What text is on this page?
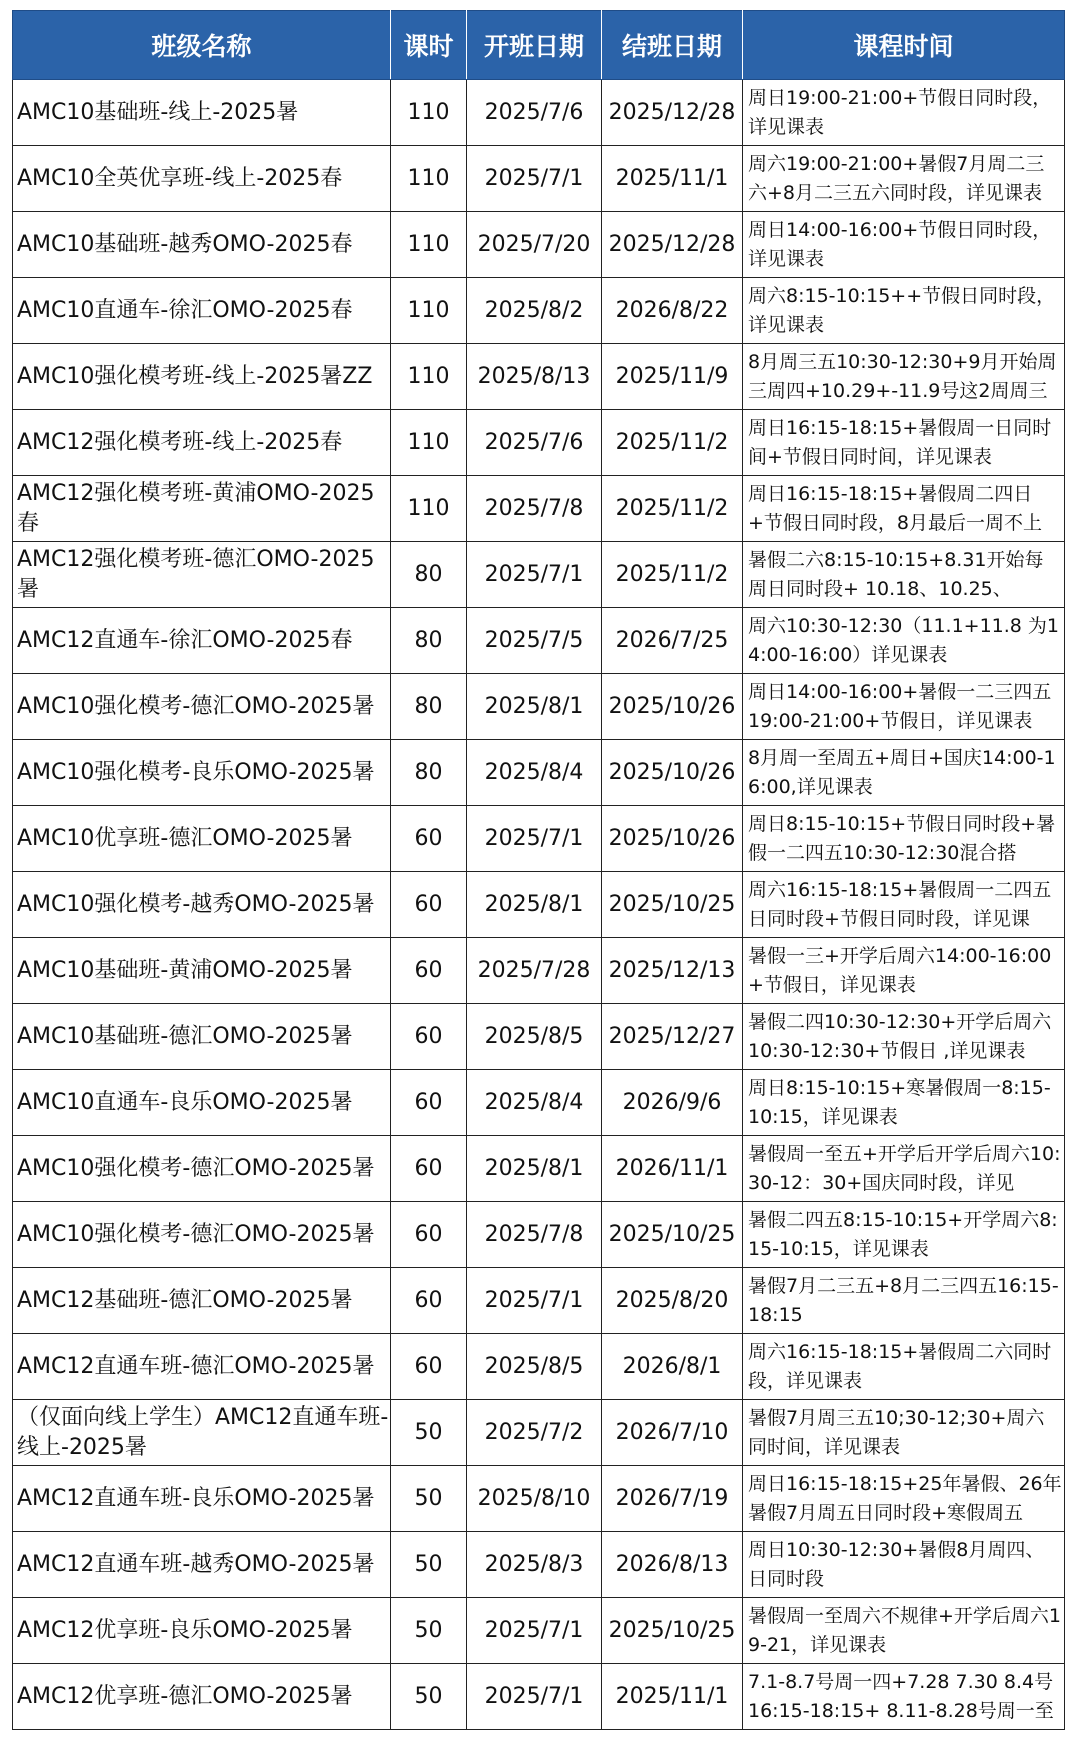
班级名称	课时	开班日期	结班日期	课程时间

AMC10基础班-线上-2025暑	110	2025/7/6	2025/12/28	周日19:00-21:00+节假日同时段，详见课表

AMC10全英优享班-线上-2025春	110	2025/7/1	2025/11/1	周六19:00-21:00+暑假7月周二三六+8月二三五六同时段，详见课表

AMC10基础班-越秀OMO-2025春	110	2025/7/20	2025/12/28	周日14:00-16:00+节假日同时段，详见课表

AMC10直通车-徐汇OMO-2025春	110	2025/8/2	2026/8/22	周六8:15-10:15++节假日同时段，详见课表

AMC10强化模考班-线上-2025暑ZZ	110	2025/8/13	2025/11/9	8月周三五10:30-12:30+9月开始周三周四+10.29+-11.9号这2周周三

AMC12强化模考班-线上-2025春	110	2025/7/6	2025/11/2	周日16:15-18:15+暑假周一日同时间+节假日同时间，详见课表

AMC12强化模考班-黄浦OMO-2025春	110	2025/7/8	2025/11/2	周日16:15-18:15+暑假周二四日+节假日同时段，8月最后一周不上

AMC12强化模考班-德汇OMO-2025暑	80	2025/7/1	2025/11/2	暑假二六8:15-10:15+8.31开始每周日同时段+ 10.18、10.25、

AMC12直通车-徐汇OMO-2025春	80	2025/7/5	2026/7/25	周六10:30-12:30（11.1+11.8 为14:00-16:00）详见课表

AMC10强化模考-德汇OMO-2025暑	80	2025/8/1	2025/10/26	周日14:00-16:00+暑假一二三四五19:00-21:00+节假日，详见课表

AMC10强化模考-良乐OMO-2025暑	80	2025/8/4	2025/10/26	8月周一至周五+周日+国庆14:00-16:00,详见课表

AMC10优享班-德汇OMO-2025暑	60	2025/7/1	2025/10/26	周日8:15-10:15+节假日同时段+暑假一二四五10:30-12:30混合搭

AMC10强化模考-越秀OMO-2025暑	60	2025/8/1	2025/10/25	周六16:15-18:15+暑假周一二四五日同时段+节假日同时段，详见课

AMC10基础班-黄浦OMO-2025暑	60	2025/7/28	2025/12/13	暑假一三+开学后周六14:00-16:00+节假日，详见课表

AMC10基础班-德汇OMO-2025暑	60	2025/8/5	2025/12/27	暑假二四10:30-12:30+开学后周六10:30-12:30+节假日 ,详见课表

AMC10直通车-良乐OMO-2025暑	60	2025/8/4	2026/9/6	周日8:15-10:15+寒暑假周一8:15-10:15，详见课表

AMC10强化模考-德汇OMO-2025暑	60	2025/8/1	2026/11/1	暑假周一至五+开学后开学后周六10:30-12：30+国庆同时段，详见

AMC10强化模考-德汇OMO-2025暑	60	2025/7/8	2025/10/25	暑假二四五8:15-10:15+开学周六8:15-10:15，详见课表

AMC12基础班-德汇OMO-2025暑	60	2025/7/1	2025/8/20	暑假7月二三五+8月二三四五16:15-18:15

AMC12直通车班-德汇OMO-2025暑	60	2025/8/5	2026/8/1	周六16:15-18:15+暑假周二六同时段，详见课表

（仅面向线上学生）AMC12直通车班-线上-2025暑	50	2025/7/2	2026/7/10	暑假7月周三五10;30-12;30+周六同时间，详见课表

AMC12直通车班-良乐OMO-2025暑	50	2025/8/10	2026/7/19	周日16:15-18:15+25年暑假、26年暑假7月周五日同时段+寒假周五

AMC12直通车班-越秀OMO-2025暑	50	2025/8/3	2026/8/13	周日10:30-12:30+暑假8月周四、日同时段

AMC12优享班-良乐OMO-2025暑	50	2025/7/1	2025/10/25	暑假周一至周六不规律+开学后周六19-21，详见课表

AMC12优享班-德汇OMO-2025暑	50	2025/7/1	2025/11/1	7.1-8.7号周一四+7.28 7.30 8.4号16:15-18:15+ 8.11-8.28号周一至
